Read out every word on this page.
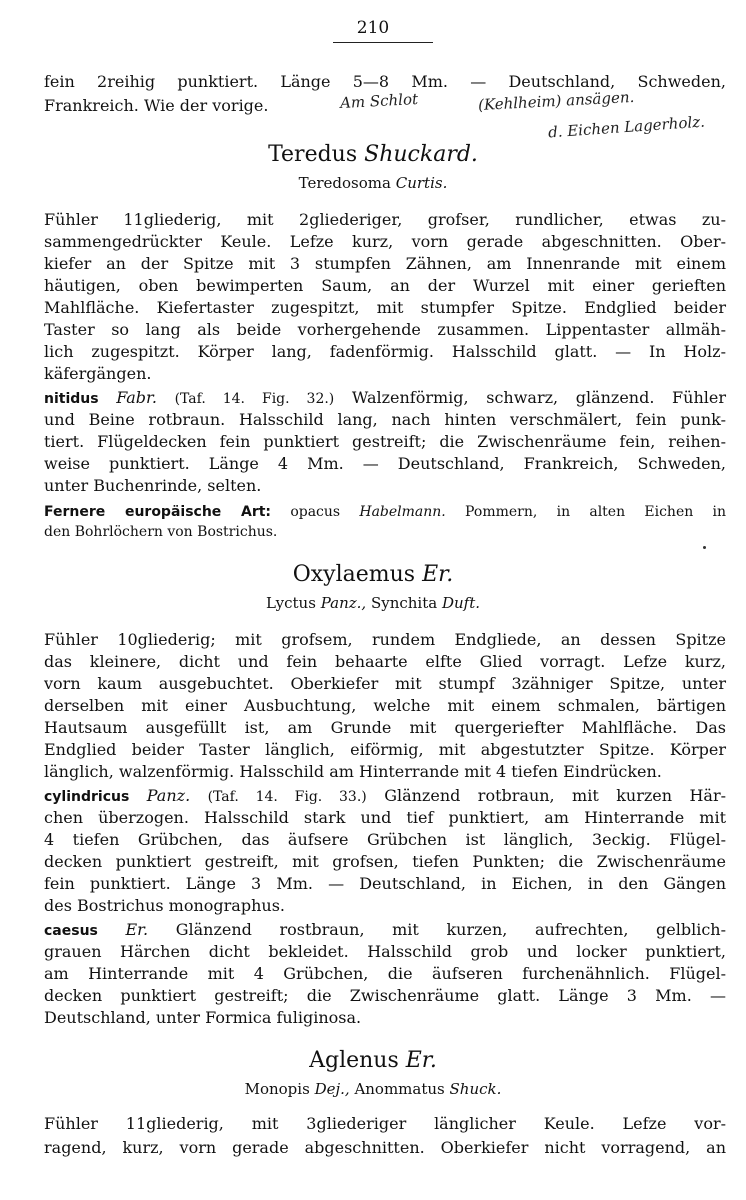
210
fein 2reihig punktiert. Länge 5—8 Mm. — Deutschland, Schweden,
Frankreich. Wie der vorige.	Am Schlot	(Kehlheim) ansägen.
d. Eichen Lagerholz.
Teredus Shuckard.
Teredosoma Curtis.
Fühler 11gliederig, mit 2gliederiger, grofser, rundlicher, etwas zu-
sammengedrückter Keule. Lefze kurz, vorn gerade abgeschnitten. Ober-
kiefer an der Spitze mit 3 stumpfen Zähnen, am Innenrande mit einem
häutigen, oben bewimperten Saum, an der Wurzel mit einer geriefte​n
Mahlfläche. Kiefertaster zugespitzt, mit stumpfer Spitze. Endglied beider
Taster so lang als beide vorhergehende zusammen. Lippentaster allmäh-
lich zugespitzt. Körper lang, fadenförmig. Halsschild glatt. — In Holz-
käfergängen.
nitidus Fabr. (Taf. 14. Fig. 32.) Walzenförmig, schwarz, glänzend. Fühler
und Beine rotbraun. Halsschild lang, nach hinten verschmälert, fein punk-
tiert. Flügeldecken fein punktiert gestreift; die Zwischenräume fein, reihen-
weise punktiert. Länge 4 Mm. — Deutschland, Frankreich, Schweden,
unter Buchenrinde, selten.
Fernere europäische Art: opacus Habelmann. Pommern, in alten Eichen in
den Bohrlöchern von Bostrichus.
Oxylaemus Er.
Lyctus Panz., Synchita Duft.
Fühler 10gliederig; mit grofsem, rundem Endgliede, an dessen Spitze
das kleinere, dicht und fein behaarte elfte Glied vorragt. Lefze kurz,
vorn kaum ausgebuchtet. Oberkiefer mit stumpf 3zähniger Spitze, unter
derselben mit einer Ausbuchtung, welche mit einem schmalen, bärtigen
Hautsaum ausgefüllt ist, am Grunde mit quergeriefter Mahlfläche. Das
Endglied beider Taster länglich, eiförmig, mit abgestutzter Spitze. Körper
länglich, walzenförmig. Halsschild am Hinterrande mit 4 tiefen Eindrücken.
cylindricus Panz. (Taf. 14. Fig. 33.) Glänzend rotbraun, mit kurzen Här-
chen überzogen. Halsschild stark und tief punktiert, am Hinterrande mit
4 tiefen Grübchen, das äufsere Grübchen ist länglich, 3eckig. Flügel-
decken punktiert gestreift, mit grofsen, tiefen Punkten; die Zwischenräume
fein punktiert. Länge 3 Mm. — Deutschland, in Eichen, in den Gängen
des Bostrichus monographus.
caesus Er. Glänzend rostbraun, mit kurzen, aufrechten, gelblich-
grauen Härchen dicht bekleidet. Halsschild grob und locker punktiert,
am Hinterrande mit 4 Grübchen, die äufseren furchenähnlich. Flügel-
decken punktiert gestreift; die Zwischenräume glatt. Länge 3 Mm. —
Deutschland, unter Formica fuliginosa.
Aglenus Er.
Monopis Dej., Anommatus Shuck.
Fühler 11gliederig, mit 3gliederiger länglicher Keule. Lefze vor-
ragend, kurz, vorn gerade abgeschnitten. Oberkiefer nicht vorragend, an
